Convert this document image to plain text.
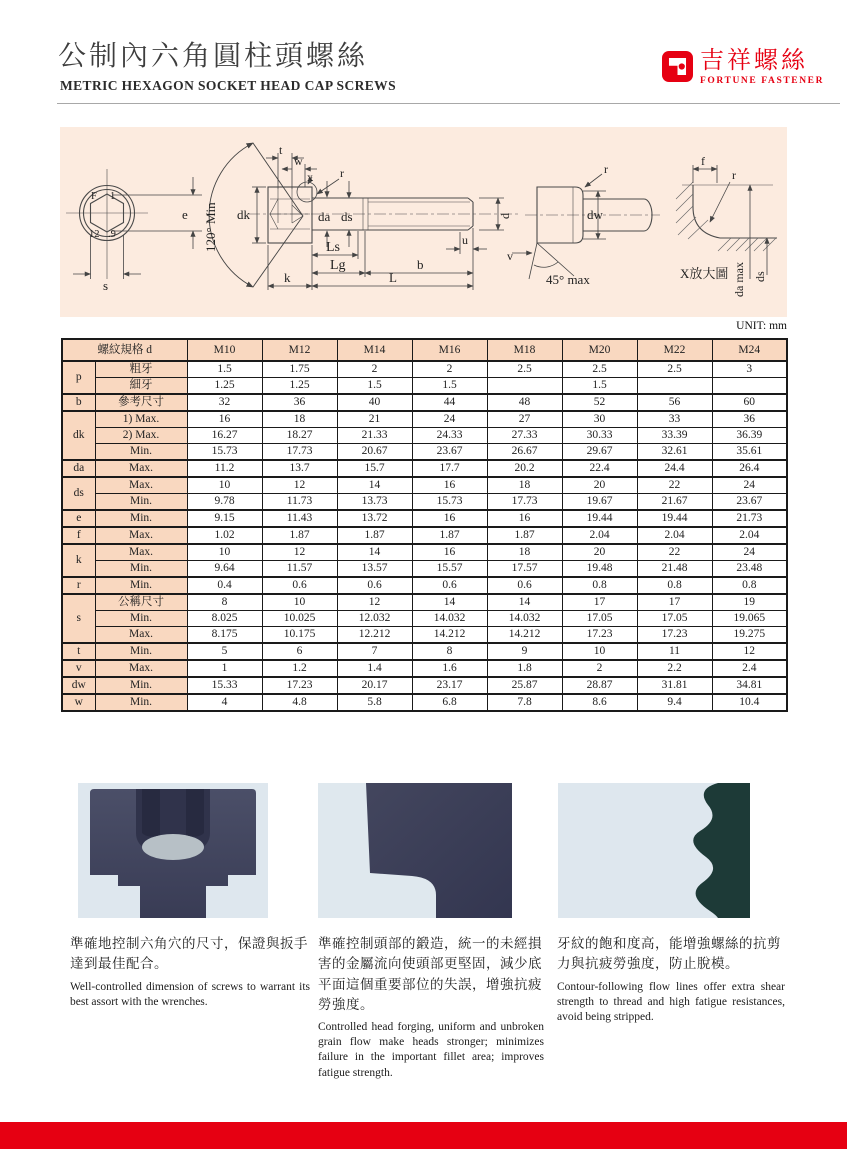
公制內六角圓柱頭螺絲
METRIC HEXAGON SOCKET HEAD CAP SCREWS
吉祥螺絲
FORTUNE FASTENER
F 1
12 .9
s
e 120° Min
t
w
x r
dk	da ds
Ls
Lg	b
k	L
u
d
r
dw
v
45° max
f
r
X放大圖 da max ds
UNIT: mm
螺紋規格 d		M10	M12	M14	M16	M18	M20	M22	M24
p	粗牙	1.5	1.75	2	2	2.5	2.5	2.5	3
	細牙	1.25	1.25	1.5	1.5		1.5		
b	參考尺寸	32	36	40	44	48	52	56	60
dk	1) Max.	16	18	21	24	27	30	33	36
	2) Max.	16.27	18.27	21.33	24.33	27.33	30.33	33.39	36.39
	Min.	15.73	17.73	20.67	23.67	26.67	29.67	32.61	35.61
da	Max.	11.2	13.7	15.7	17.7	20.2	22.4	24.4	26.4
ds	Max.	10	12	14	16	18	20	22	24
	Min.	9.78	11.73	13.73	15.73	17.73	19.67	21.67	23.67
e	Min.	9.15	11.43	13.72	16	16	19.44	19.44	21.73
f	Max.	1.02	1.87	1.87	1.87	1.87	2.04	2.04	2.04
k	Max.	10	12	14	16	18	20	22	24
	Min.	9.64	11.57	13.57	15.57	17.57	19.48	21.48	23.48
r	Min.	0.4	0.6	0.6	0.6	0.6	0.8	0.8	0.8
s	公稱尺寸	8	10	12	14	14	17	17	19
	Min.	8.025	10.025	12.032	14.032	14.032	17.05	17.05	19.065
	Max.	8.175	10.175	12.212	14.212	14.212	17.23	17.23	19.275
t	Min.	5	6	7	8	9	10	11	12
v	Max.	1	1.2	1.4	1.6	1.8	2	2.2	2.4
dw	Min.	15.33	17.23	20.17	23.17	25.87	28.87	31.81	34.81
w	Min.	4	4.8	5.8	6.8	7.8	8.6	9.4	10.4
準確地控制六角穴的尺寸，保證與扳手達到最佳配合。
Well-controlled dimension of screws to warrant its best assort with the wrenches.
準確控制頭部的鍛造，統一的未經損害的金屬流向使頭部更堅固，減少底平面這個重要部位的失誤，增強抗疲勞強度。
Controlled head forging, uniform and unbroken grain flow make heads stronger; minimizes failure in the important fillet area; improves fatigue strength.
牙紋的飽和度高，能增強螺絲的抗剪力與抗疲勞強度，防止脫模。
Contour-following flow lines offer extra shear strength to thread and high fatigue resistances, avoid being stripped.
